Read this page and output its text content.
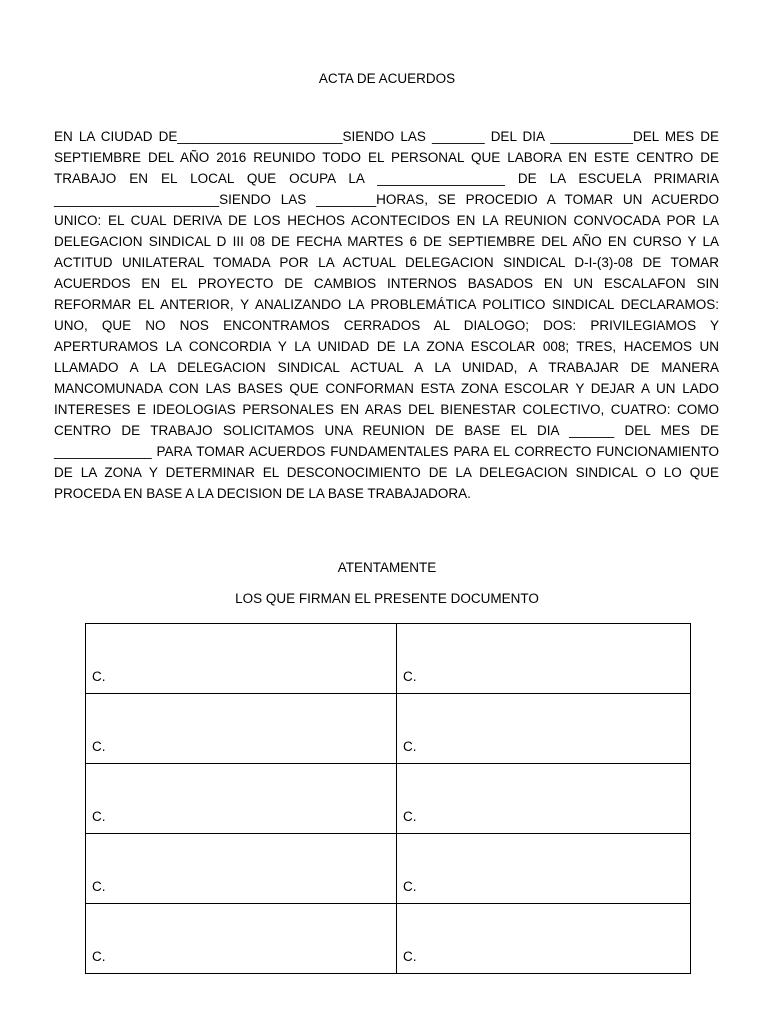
ACTA DE ACUERDOS

EN LA CIUDAD DE______________________SIENDO LAS _______ DEL DIA ___________DEL MES DE SEPTIEMBRE DEL AÑO 2016 REUNIDO TODO EL PERSONAL QUE LABORA EN ESTE CENTRO DE TRABAJO EN EL LOCAL QUE OCUPA LA _________________ DE LA ESCUELA PRIMARIA ______________________SIENDO LAS ________HORAS, SE PROCEDIO A TOMAR UN ACUERDO UNICO: EL CUAL DERIVA DE LOS HECHOS ACONTECIDOS EN LA REUNION CONVOCADA POR LA DELEGACION SINDICAL D III 08 DE FECHA MARTES 6 DE SEPTIEMBRE DEL AÑO EN CURSO Y LA ACTITUD UNILATERAL TOMADA POR LA ACTUAL DELEGACION SINDICAL D-I-(3)-08 DE TOMAR ACUERDOS EN EL PROYECTO DE CAMBIOS INTERNOS BASADOS EN UN ESCALAFON SIN REFORMAR EL ANTERIOR, Y ANALIZANDO LA PROBLEMÁTICA POLITICO SINDICAL DECLARAMOS: UNO, QUE NO NOS ENCONTRAMOS CERRADOS AL DIALOGO; DOS: PRIVILEGIAMOS Y APERTURAMOS LA CONCORDIA Y LA UNIDAD DE LA ZONA ESCOLAR 008; TRES, HACEMOS UN LLAMADO A LA DELEGACION SINDICAL ACTUAL A LA UNIDAD, A TRABAJAR DE MANERA MANCOMUNADA CON LAS BASES QUE CONFORMAN ESTA ZONA ESCOLAR Y DEJAR A UN LADO INTERESES E IDEOLOGIAS PERSONALES EN ARAS DEL BIENESTAR COLECTIVO, CUATRO: COMO CENTRO DE TRABAJO SOLICITAMOS UNA REUNION DE BASE EL DIA ______ DEL MES DE _____________ PARA TOMAR ACUERDOS FUNDAMENTALES PARA EL CORRECTO FUNCIONAMIENTO DE LA ZONA Y DETERMINAR EL DESCONOCIMIENTO DE LA DELEGACION SINDICAL O LO QUE PROCEDA EN BASE A LA DECISION DE LA BASE TRABAJADORA.

ATENTAMENTE
LOS QUE FIRMAN EL PRESENTE DOCUMENTO
C.	C.
C.	C.
C.	C.
C.	C.
C.	C.
